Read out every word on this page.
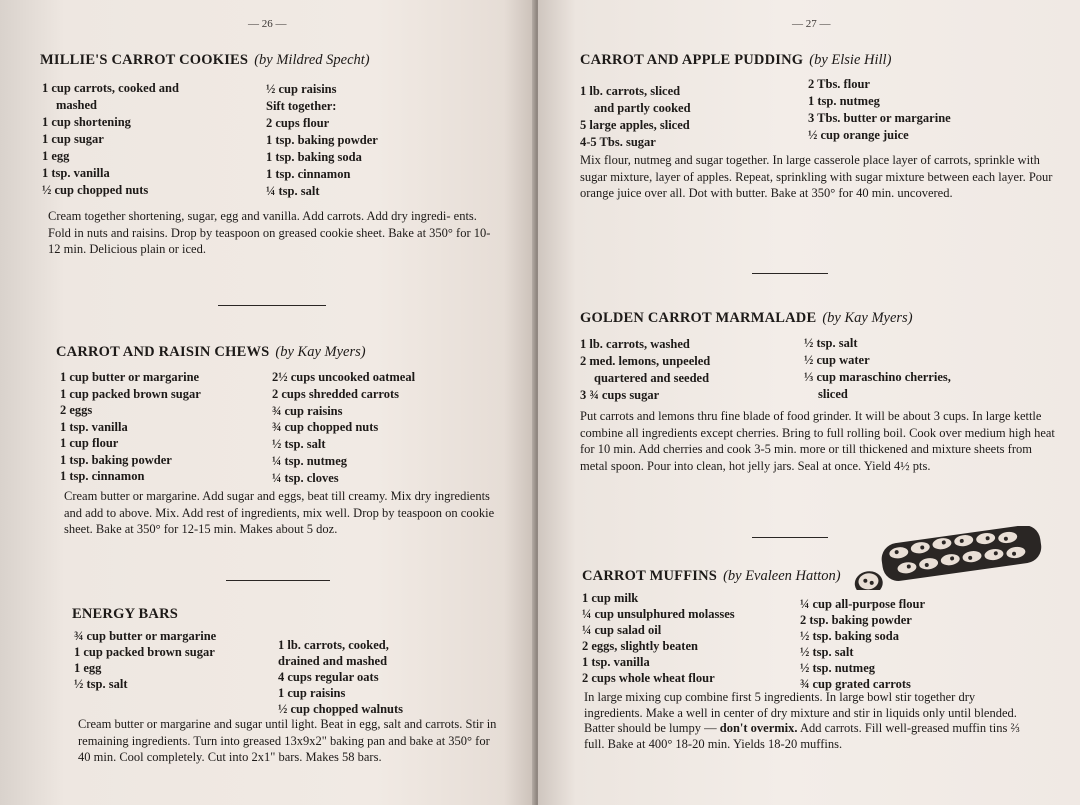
— 26 —
MILLIE'S CARROT COOKIES (by Mildred Specht)
1 cup carrots, cooked and
mashed
1 cup shortening
1 cup sugar
1 egg
1 tsp. vanilla
½ cup chopped nuts
½ cup raisins
Sift together:
2 cups flour
1 tsp. baking powder
1 tsp. baking soda
1 tsp. cinnamon
¼ tsp. salt
Cream together shortening, sugar, egg and vanilla. Add carrots. Add dry ingredi- ents. Fold in nuts and raisins. Drop by teaspoon on greased cookie sheet. Bake at 350° for 10-12 min. Delicious plain or iced.
CARROT AND RAISIN CHEWS (by Kay Myers)
1 cup butter or margarine
1 cup packed brown sugar
2 eggs
1 tsp. vanilla
1 cup flour
1 tsp. baking powder
1 tsp. cinnamon
2½ cups uncooked oatmeal
2 cups shredded carrots
¾ cup raisins
¾ cup chopped nuts
½ tsp. salt
¼ tsp. nutmeg
¼ tsp. cloves
Cream butter or margarine. Add sugar and eggs, beat till creamy. Mix dry ingredients and add to above. Mix. Add rest of ingredients, mix well. Drop by teaspoon on cookie sheet. Bake at 350° for 12-15 min. Makes about 5 doz.
ENERGY BARS
¾ cup butter or margarine
1 cup packed brown sugar
1 egg
½ tsp. salt
1 lb. carrots, cooked,
drained and mashed
4 cups regular oats
1 cup raisins
½ cup chopped walnuts
Cream butter or margarine and sugar until light. Beat in egg, salt and carrots. Stir in remaining ingredients. Turn into greased 13x9x2" baking pan and bake at 350° for 40 min. Cool completely. Cut into 2x1" bars. Makes 58 bars.
— 27 —
CARROT AND APPLE PUDDING (by Elsie Hill)
1 lb. carrots, sliced
and partly cooked
5 large apples, sliced
4-5 Tbs. sugar
2 Tbs. flour
1 tsp. nutmeg
3 Tbs. butter or margarine
½ cup orange juice
Mix flour, nutmeg and sugar together. In large casserole place layer of carrots, sprinkle with sugar mixture, layer of apples. Repeat, sprinkling with sugar mixture between each layer. Pour orange juice over all. Dot with butter. Bake at 350° for 40 min. uncovered.
GOLDEN CARROT MARMALADE (by Kay Myers)
1 lb. carrots, washed
2 med. lemons, unpeeled
quartered and seeded
3 ¾ cups sugar
½ tsp. salt
½ cup water
⅓ cup maraschino cherries,
sliced
Put carrots and lemons thru fine blade of food grinder. It will be about 3 cups. In large kettle combine all ingredients except cherries. Bring to full rolling boil. Cook over medium high heat for 10 min. Add cherries and cook 3-5 min. more or till thickened and mixture sheets from metal spoon. Pour into clean, hot jelly jars. Seal at once. Yield 4½ pts.
CARROT MUFFINS (by Evaleen Hatton)
1 cup milk
¼ cup unsulphured molasses
¼ cup salad oil
2 eggs, slightly beaten
1 tsp. vanilla
2 cups whole wheat flour
¼ cup all-purpose flour
2 tsp. baking powder
½ tsp. baking soda
½ tsp. salt
½ tsp. nutmeg
¾ cup grated carrots
In large mixing cup combine first 5 ingredients. In large bowl stir together dry ingredients. Make a well in center of dry mixture and stir in liquids only until blended. Batter should be lumpy — don't overmix. Add carrots. Fill well-greased muffin tins ⅔ full. Bake at 400° 18-20 min. Yields 18-20 muffins.
